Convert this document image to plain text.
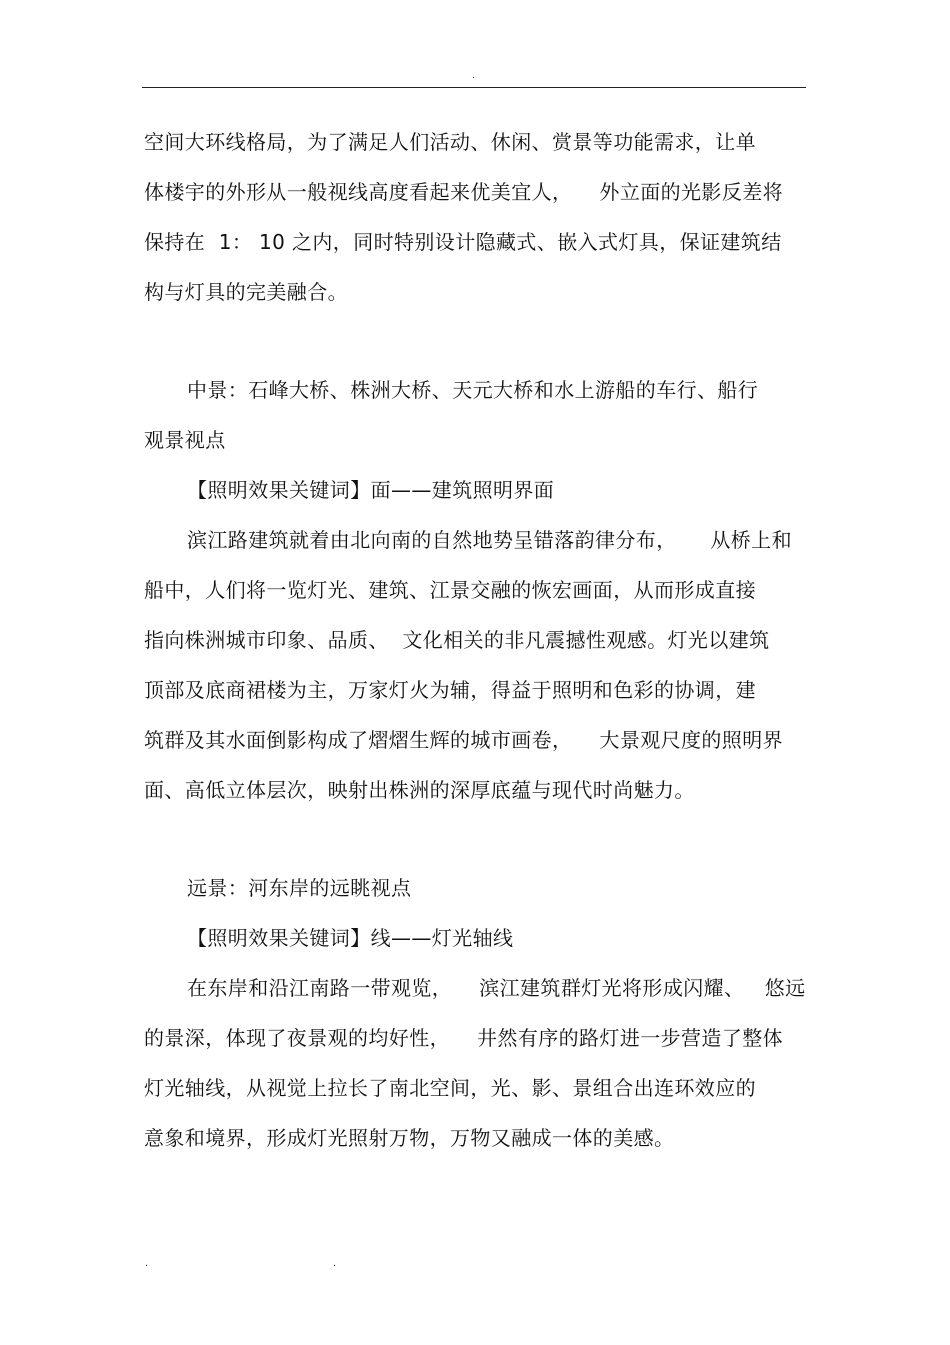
.
空间大环线格局，为了满足人们活动、休闲、赏景等功能需求，让单
体楼宇的外形从一般视线高度看起来优美宜人，    外立面的光影反差将
保持在  1： 10 之内，同时特别设计隐藏式、嵌入式灯具，保证建筑结
构与灯具的完美融合。
中景：石峰大桥、株洲大桥、天元大桥和水上游船的车行、船行
观景视点
【照明效果关键词】面——建筑照明界面
滨江路建筑就着由北向南的自然地势呈错落韵律分布，     从桥上和
船中，人们将一览灯光、建筑、江景交融的恢宏画面，从而形成直接
指向株洲城市印象、品质、  文化相关的非凡震撼性观感。灯光以建筑
顶部及底商裙楼为主，万家灯火为辅，得益于照明和色彩的协调，建
筑群及其水面倒影构成了熠熠生辉的城市画卷，    大景观尺度的照明界
面、高低立体层次，映射出株洲的深厚底蕴与现代时尚魅力。
远景：河东岸的远眺视点
【照明效果关键词】线——灯光轴线
在东岸和沿江南路一带观览，    滨江建筑群灯光将形成闪耀、   悠远
的景深，体现了夜景观的均好性，    井然有序的路灯进一步营造了整体
灯光轴线，从视觉上拉长了南北空间，光、影、景组合出连环效应的
意象和境界，形成灯光照射万物，万物又融成一体的美感。
.	.
